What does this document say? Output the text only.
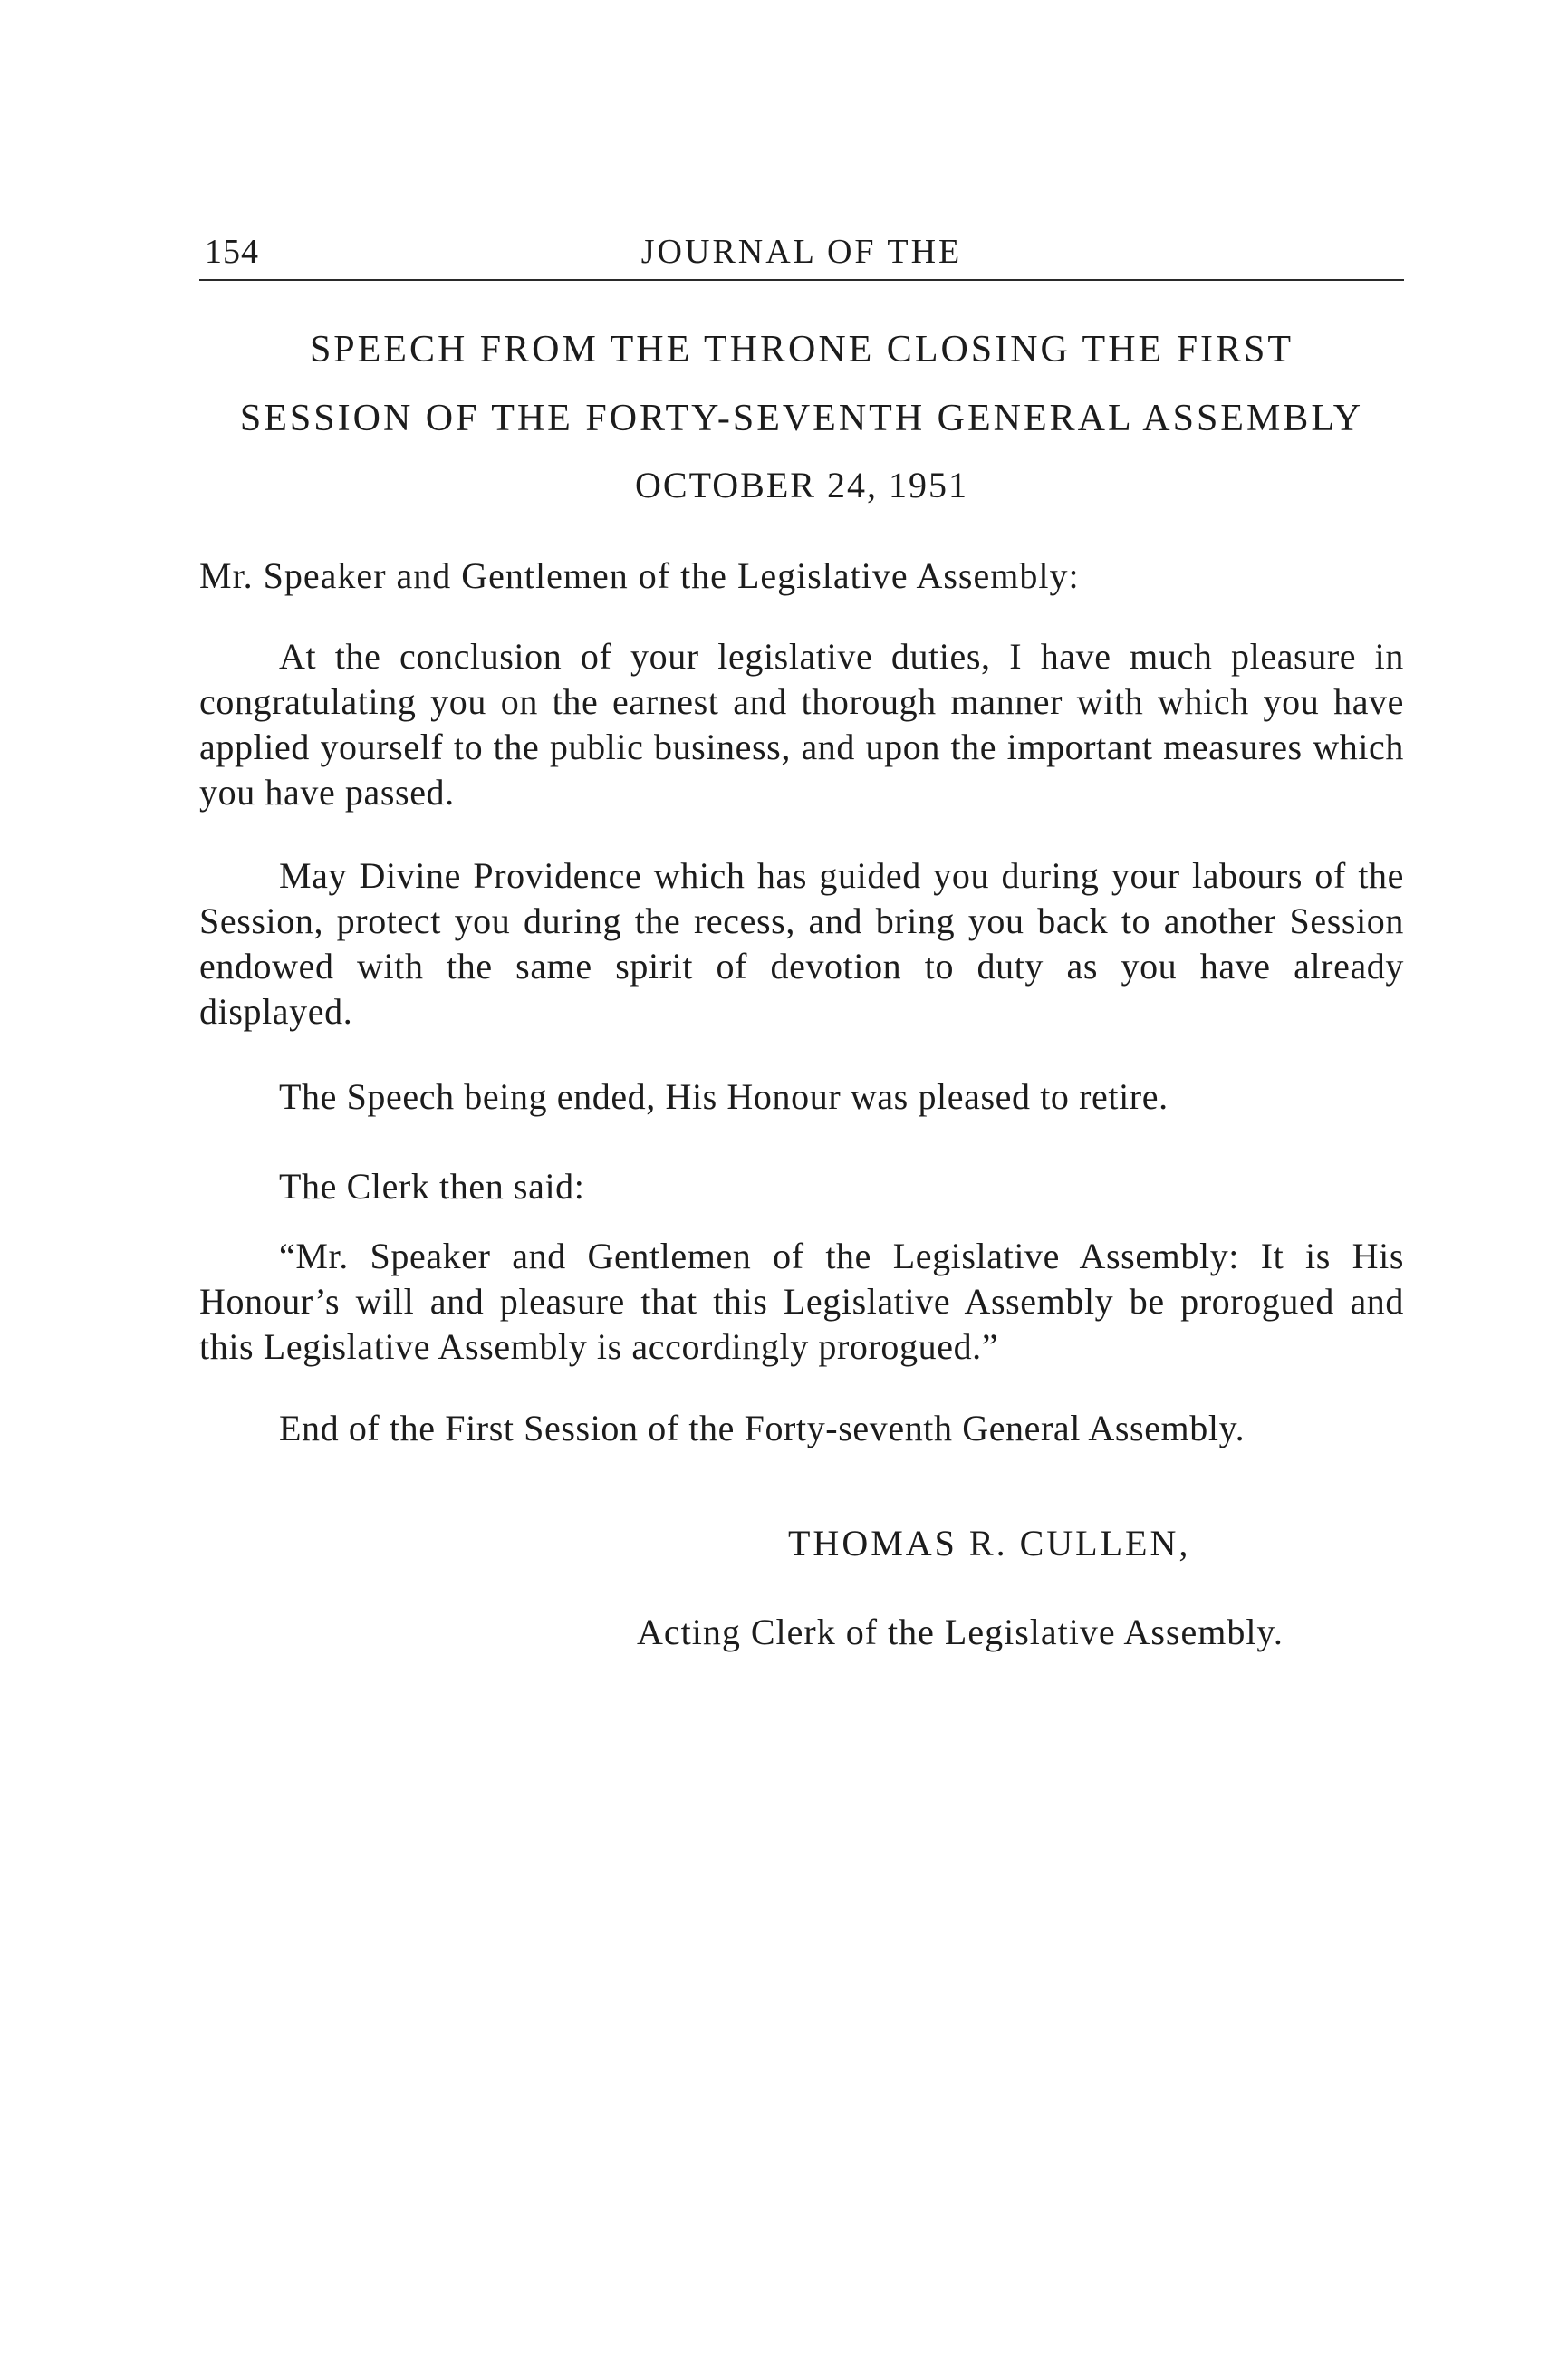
154	JOURNAL OF THE
SPEECH FROM THE THRONE CLOSING THE FIRST
SESSION OF THE FORTY-SEVENTH GENERAL ASSEMBLY
OCTOBER 24, 1951
Mr. Speaker and Gentlemen of the Legislative Assembly:

At the conclusion of your legislative duties, I have much pleasure in congratulating you on the earnest and thorough manner with which you have applied yourself to the public business, and upon the important measures which you have passed.

May Divine Providence which has guided you during your labours of the Session, protect you during the recess, and bring you back to another Session endowed with the same spirit of devotion to duty as you have already displayed.

The Speech being ended, His Honour was pleased to retire.

The Clerk then said:

“Mr. Speaker and Gentlemen of the Legislative Assembly: It is His Honour’s will and pleasure that this Legislative Assembly be prorogued and this Legislative Assembly is accordingly prorogued.”

End of the First Session of the Forty-seventh General Assembly.

THOMAS R. CULLEN,
Acting Clerk of the Legislative Assembly.
